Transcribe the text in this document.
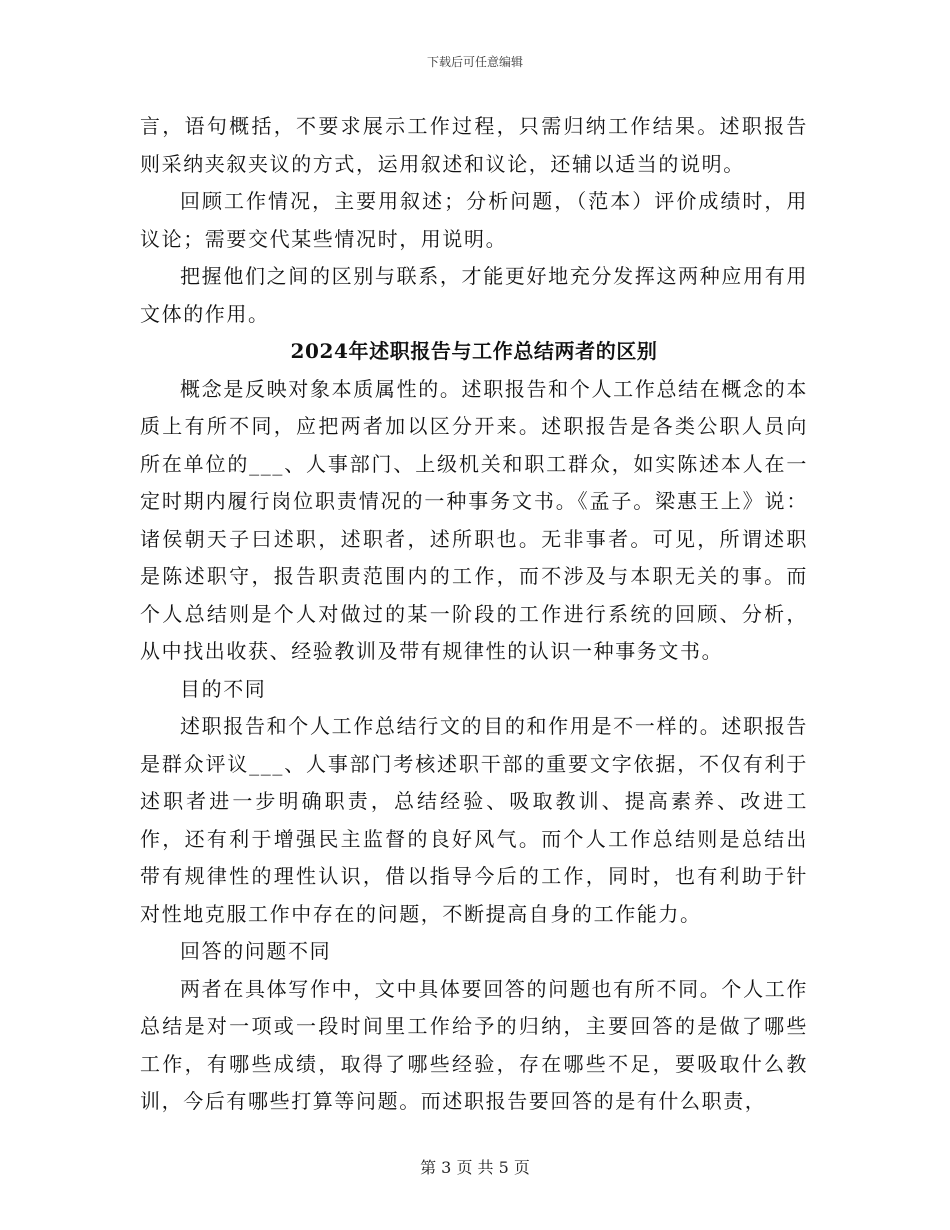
下载后可任意编辑

言，语句概括，不要求展示工作过程，只需归纳工作结果。述职报告则采纳夹叙夹议的方式，运用叙述和议论，还辅以适当的说明。

回顾工作情况，主要用叙述；分析问题，（范本）评价成绩时，用议论；需要交代某些情况时，用说明。

把握他们之间的区别与联系，才能更好地充分发挥这两种应用有用文体的作用。

2024年述职报告与工作总结两者的区别

概念是反映对象本质属性的。述职报告和个人工作总结在概念的本质上有所不同，应把两者加以区分开来。述职报告是各类公职人员向所在单位的___、人事部门、上级机关和职工群众，如实陈述本人在一定时期内履行岗位职责情况的一种事务文书。《孟子。梁惠王上》说：诸侯朝天子曰述职，述职者，述所职也。无非事者。可见，所谓述职是陈述职守，报告职责范围内的工作，而不涉及与本职无关的事。而个人总结则是个人对做过的某一阶段的工作进行系统的回顾、分析，从中找出收获、经验教训及带有规律性的认识一种事务文书。

目的不同

述职报告和个人工作总结行文的目的和作用是不一样的。述职报告是群众评议___、人事部门考核述职干部的重要文字依据，不仅有利于述职者进一步明确职责，总结经验、吸取教训、提高素养、改进工作，还有利于增强民主监督的良好风气。而个人工作总结则是总结出带有规律性的理性认识，借以指导今后的工作，同时，也有利助于针对性地克服工作中存在的问题，不断提高自身的工作能力。

回答的问题不同

两者在具体写作中，文中具体要回答的问题也有所不同。个人工作总结是对一项或一段时间里工作给予的归纳，主要回答的是做了哪些工作，有哪些成绩，取得了哪些经验，存在哪些不足，要吸取什么教训，今后有哪些打算等问题。而述职报告要回答的是有什么职责，

第 3 页 共 5 页
